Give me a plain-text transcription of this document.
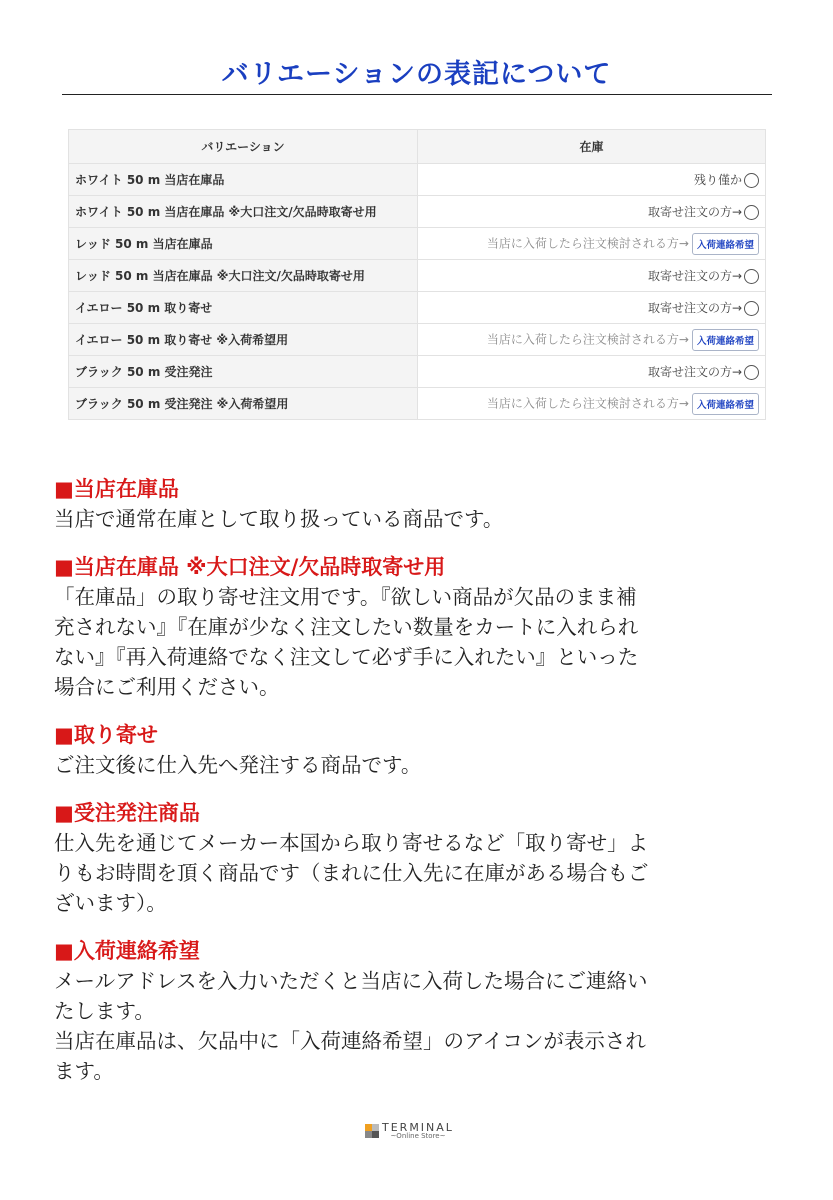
バリエーションの表記について
バリエーション	在庫
ホワイト 50 m 当店在庫品	残り僅か
ホワイト 50 m 当店在庫品 ※大口注文/欠品時取寄せ用	取寄せ注文の方→
レッド 50 m 当店在庫品	当店に入荷したら注文検討される方→ 入荷連絡希望
レッド 50 m 当店在庫品 ※大口注文/欠品時取寄せ用	取寄せ注文の方→
イエロー 50 m 取り寄せ	取寄せ注文の方→
イエロー 50 m 取り寄せ ※入荷希望用	当店に入荷したら注文検討される方→ 入荷連絡希望
ブラック 50 m 受注発注	取寄せ注文の方→
ブラック 50 m 受注発注 ※入荷希望用	当店に入荷したら注文検討される方→ 入荷連絡希望
■当店在庫品
当店で通常在庫として取り扱っている商品です。
■当店在庫品 ※大口注文/欠品時取寄せ用
「在庫品」の取り寄せ注文用です。『欲しい商品が欠品のまま補
充されない』『在庫が少なく注文したい数量をカートに入れられ
ない』『再入荷連絡でなく注文して必ず手に入れたい』といった
場合にご利用ください。
■取り寄せ
ご注文後に仕入先へ発注する商品です。
■受注発注商品
仕入先を通じてメーカー本国から取り寄せるなど「取り寄せ」よ
りもお時間を頂く商品です（まれに仕入先に在庫がある場合もご
ざいます）。
■入荷連絡希望
メールアドレスを入力いただくと当店に入荷した場合にご連絡い
たします。
当店在庫品は、欠品中に「入荷連絡希望」のアイコンが表示され
ます。
TERMINAL
~Online Store~
